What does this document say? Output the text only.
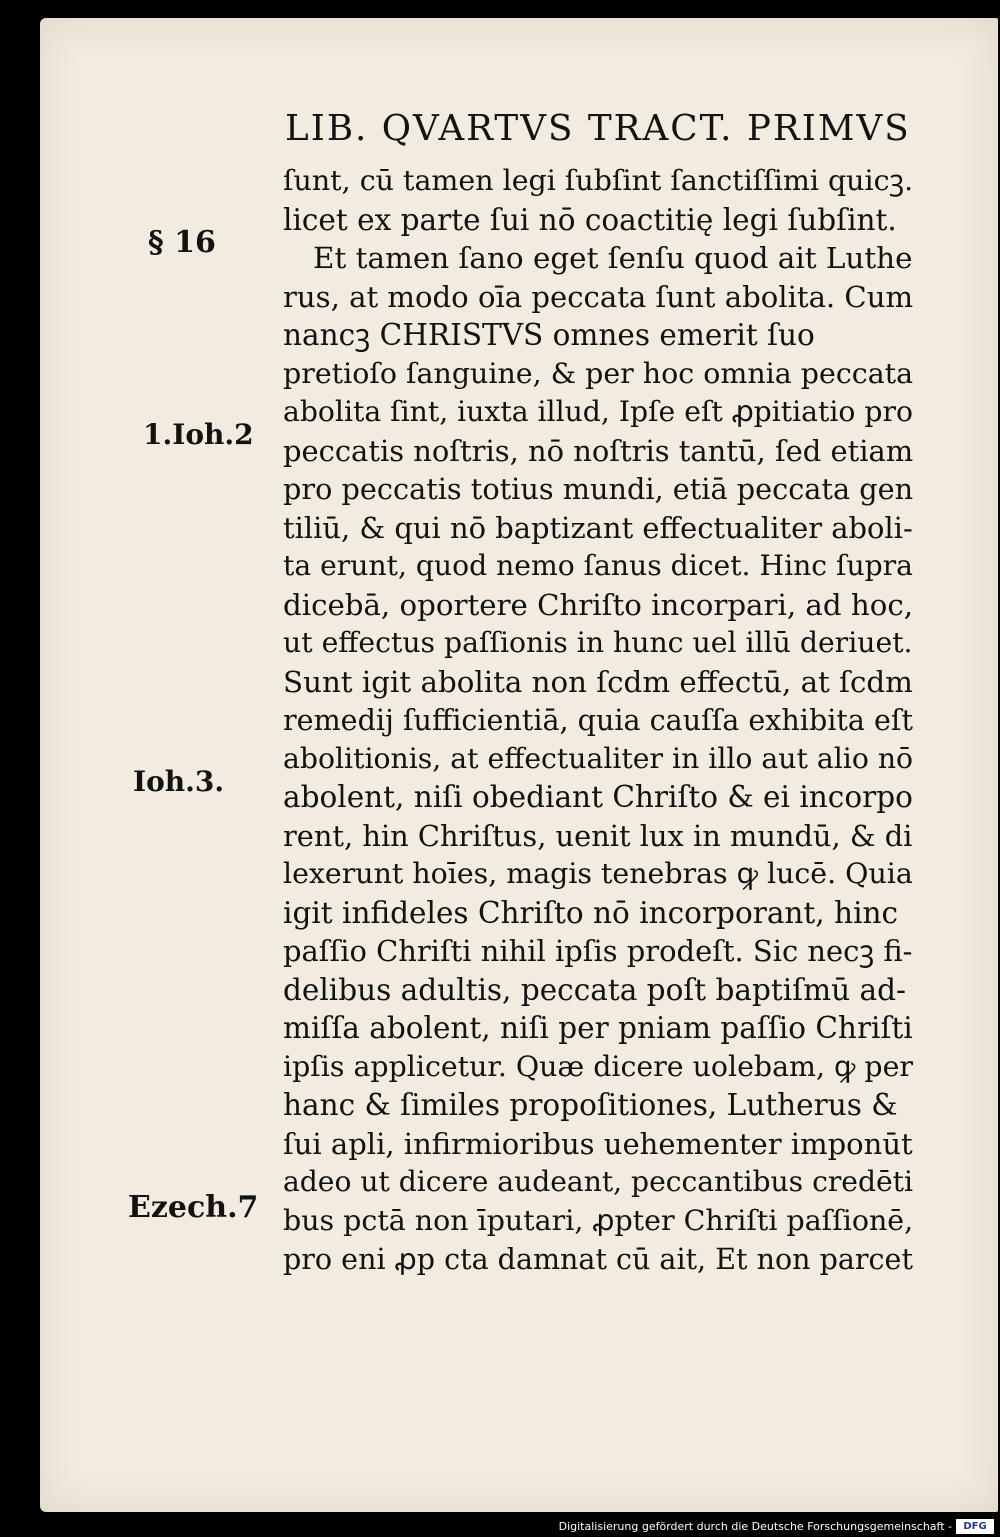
LIB. QVARTVS TRACT. PRIMVS
§ 16
1.Ioh.2
Ioh.3.
Ezech.7
ſunt, cū tamen legi ſubſint ſanctiſſimi quicꝫ.
licet ex parte ſui nō coactitię legi ſubſint.
Et tamen ſano eget ſenſu quod ait Luthe
rus, at modo oīa peccata ſunt abolita. Cum
nancꝫ CHRISTVS omnes emerit ſuo
pretioſo ſanguine, & per hoc omnia peccata
abolita ſint, iuxta illud, Ipſe eſt ꝓpitiatio pro
peccatis noſtris, nō noſtris tantū, ſed etiam
pro peccatis totius mundi, etiā peccata gen
tiliū, & qui nō baptizant effectualiter aboli-
ta erunt, quod nemo ſanus dicet. Hinc ſupra
dicebā, oportere Chriſto incorpari, ad hoc,
ut effectus paſſionis in hunc uel illū deriuet.
Sunt igit abolita non ſcdm effectū, at ſcdm
remedij ſufficientiā, quia cauſſa exhibita eſt
abolitionis, at effectualiter in illo aut alio nō
abolent, niſi obediant Chriſto & ei incorpo
rent, hin Chriſtus, uenit lux in mundū, & di
lexerunt hoīes, magis tenebras ꝙ lucē. Quia
igit infideles Chriſto nō incorporant, hinc
paſſio Chriſti nihil ipſis prodeſt. Sic necꝫ fi-
delibus adultis, peccata poſt baptiſmū ad-
miſſa abolent, niſi per pniam paſſio Chriſti
ipſis applicetur. Quæ dicere uolebam, ꝙ per
hanc & ſimiles propoſitiones, Lutherus &
ſui apli, infirmioribus uehementer imponūt
adeo ut dicere audeant, peccantibus credēti
bus pctā non īputari, ꝓpter Chriſti paſſionē,
pro eni ꝓp cta damnat cū ait, Et non parcet
Digitalisierung gefördert durch die Deutsche Forschungsgemeinschaft -	DFG
